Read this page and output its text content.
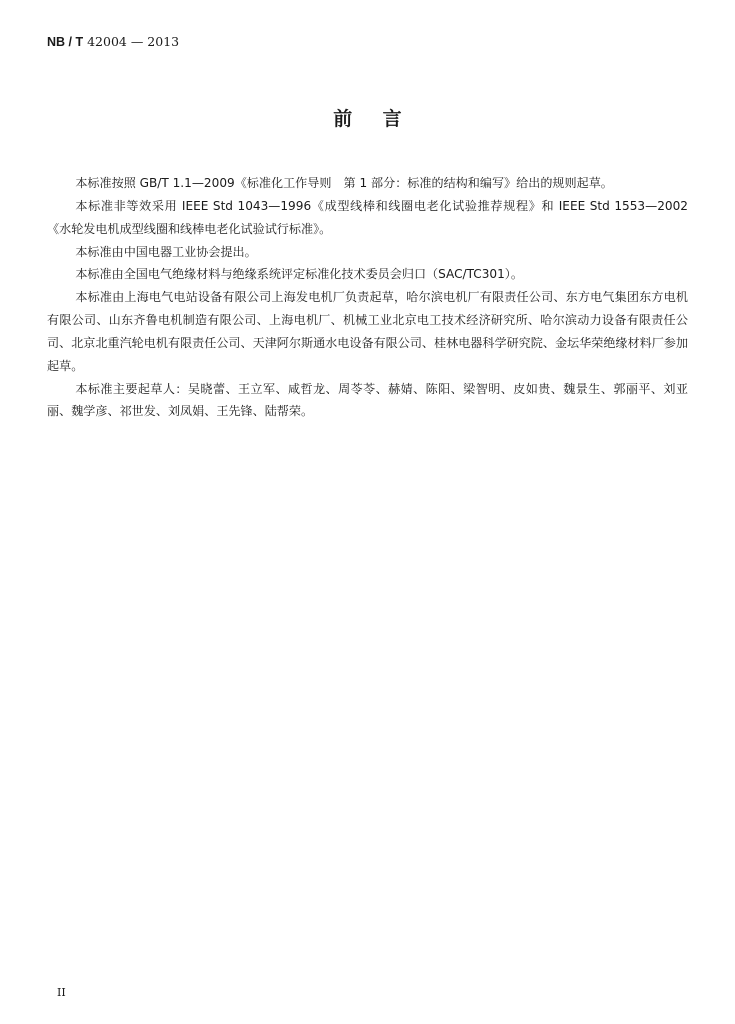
NB / T 42004 — 2013
前言

本标准按照 GB/T 1.1—2009《标准化工作导则　第 1 部分：标准的结构和编写》给出的规则起草。

本标准非等效采用 IEEE Std 1043—1996《成型线棒和线圈电老化试验推荐规程》和 IEEE Std 1553—2002《水轮发电机成型线圈和线棒电老化试验试行标准》。

本标准由中国电器工业协会提出。

本标准由全国电气绝缘材料与绝缘系统评定标准化技术委员会归口（SAC/TC301）。

本标准由上海电气电站设备有限公司上海发电机厂负责起草，哈尔滨电机厂有限责任公司、东方电气集团东方电机有限公司、山东齐鲁电机制造有限公司、上海电机厂、机械工业北京电工技术经济研究所、哈尔滨动力设备有限责任公司、北京北重汽轮电机有限责任公司、天津阿尔斯通水电设备有限公司、桂林电器科学研究院、金坛华荣绝缘材料厂参加起草。

本标准主要起草人：吴晓蕾、王立军、咸哲龙、周苓苓、赫婧、陈阳、梁智明、皮如贵、魏景生、郭丽平、刘亚丽、魏学彦、祁世发、刘凤娟、王先锋、陆帮荣。

II
